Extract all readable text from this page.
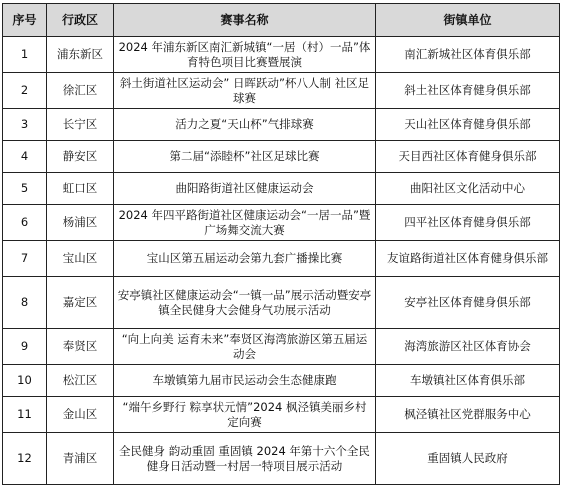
序号	行政区	赛事名称	街镇单位
1	浦东新区	2024 年浦东新区南汇新城镇“一居（村）一品”体育特色项目比赛暨展演	南汇新城社区体育俱乐部
2	徐汇区	斜土街道社区运动会” 日晖跃动”杯八人制 社区足球赛	斜土社区体育健身俱乐部
3	长宁区	活力之夏“天山杯”气排球赛	天山社区体育健身俱乐部
4	静安区	第二届“添睦杯”社区足球比赛	天目西社区体育健身俱乐部
5	虹口区	曲阳路街道社区健康运动会	曲阳社区文化活动中心
6	杨浦区	2024 年四平路街道社区健康运动会“一居一品”暨广场舞交流大赛	四平社区体育健身俱乐部
7	宝山区	宝山区第五届运动会第九套广播操比赛	友谊路街道社区体育健身俱乐部
8	嘉定区	安亭镇社区健康运动会“一镇一品”展示活动暨安亭镇全民健身大会健身气功展示活动	安亭社区体育健身俱乐部
9	奉贤区	“向上向美 运育未来”奉贤区海湾旅游区第五届运动会	海湾旅游区社区体育协会
10	松江区	车墩镇第九届市民运动会生态健康跑	车墩镇社区体育俱乐部
11	金山区	“端午乡野行 粽享状元情”2024 枫泾镇美丽乡村定向赛	枫泾镇社区党群服务中心
12	青浦区	全民健身 韵动重固 重固镇 2024 年第十六个全民健身日活动暨一村居一特项目展示活动	重固镇人民政府
